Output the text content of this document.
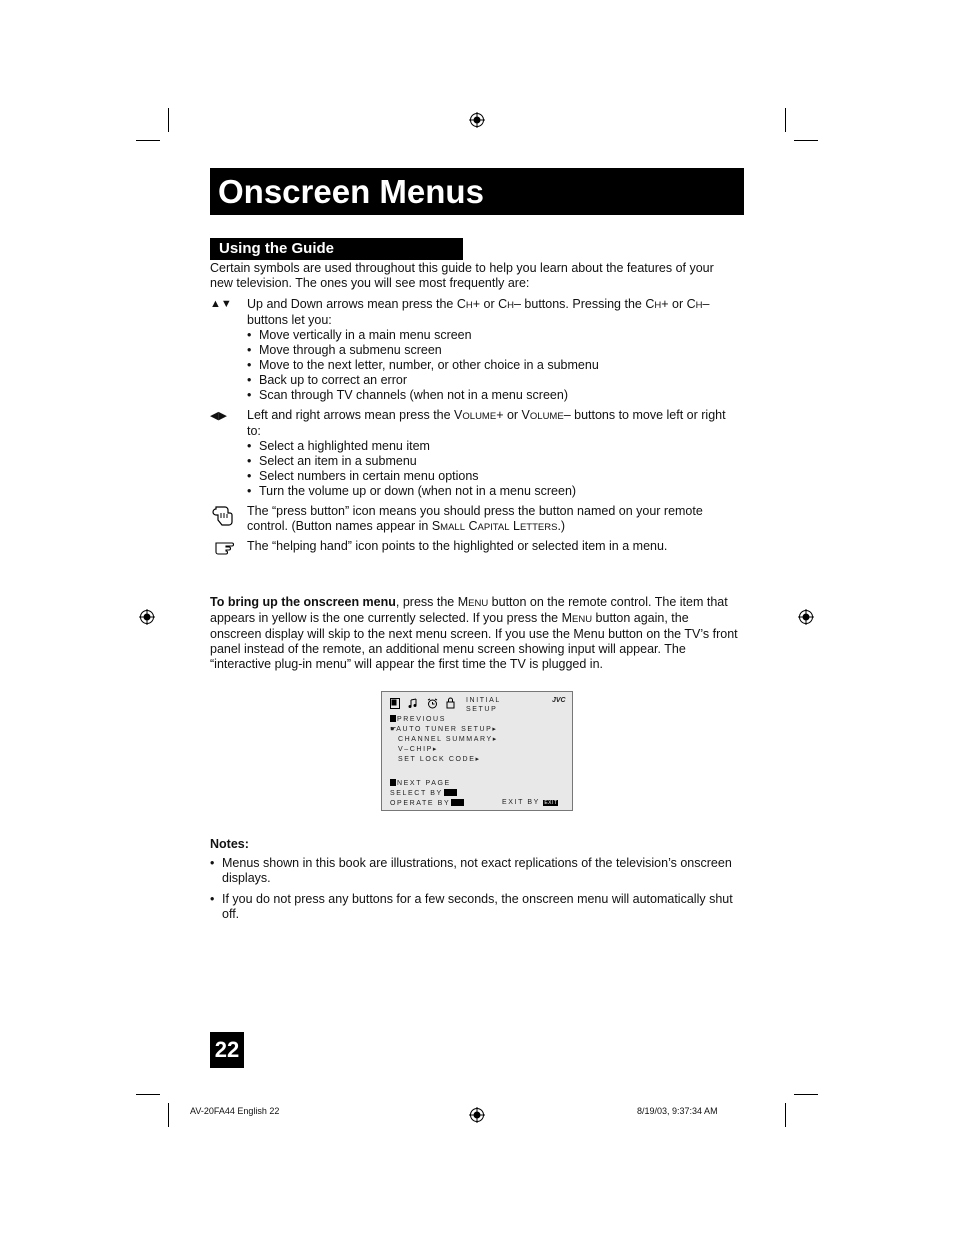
Onscreen Menus
Using the Guide
Certain symbols are used throughout this guide to help you learn about the features of your new television. The ones you will see most frequently are:
▲▼ Up and Down arrows mean press the CH+ or CH– buttons. Pressing the CH+ or CH– buttons let you:
• Move vertically in a main menu screen
• Move through a submenu screen
• Move to the next letter, number, or other choice in a submenu
• Back up to correct an error
• Scan through TV channels (when not in a menu screen)
◀▶ Left and right arrows mean press the VOLUME+ or VOLUME– buttons to move left or right to:
• Select a highlighted menu item
• Select an item in a submenu
• Select numbers in certain menu options
• Turn the volume up or down (when not in a menu screen)
The “press button” icon means you should press the button named on your remote control. (Button names appear in SMALL CAPITAL LETTERS.)
The “helping hand” icon points to the highlighted or selected item in a menu.
To bring up the onscreen menu, press the MENU button on the remote control. The item that appears in yellow is the one currently selected. If you press the MENU button again, the onscreen display will skip to the next menu screen. If you use the Menu button on the TV’s front panel instead of the remote, an additional menu screen showing input will appear. The “interactive plug-in menu” will appear the first time the TV is plugged in.
INITIAL
SETUP
JVC
PREVIOUS
☛AUTO TUNER SETUP▸
CHANNEL SUMMARY▸
V–CHIP▸
SET LOCK CODE▸
NEXT PAGE
SELECT BY
OPERATE BY	EXIT BY EXIT
Notes:
• Menus shown in this book are illustrations, not exact replications of the television’s onscreen displays.
• If you do not press any buttons for a few seconds, the onscreen menu will automatically shut off.
22
AV-20FA44 English 22	8/19/03, 9:37:34 AM
